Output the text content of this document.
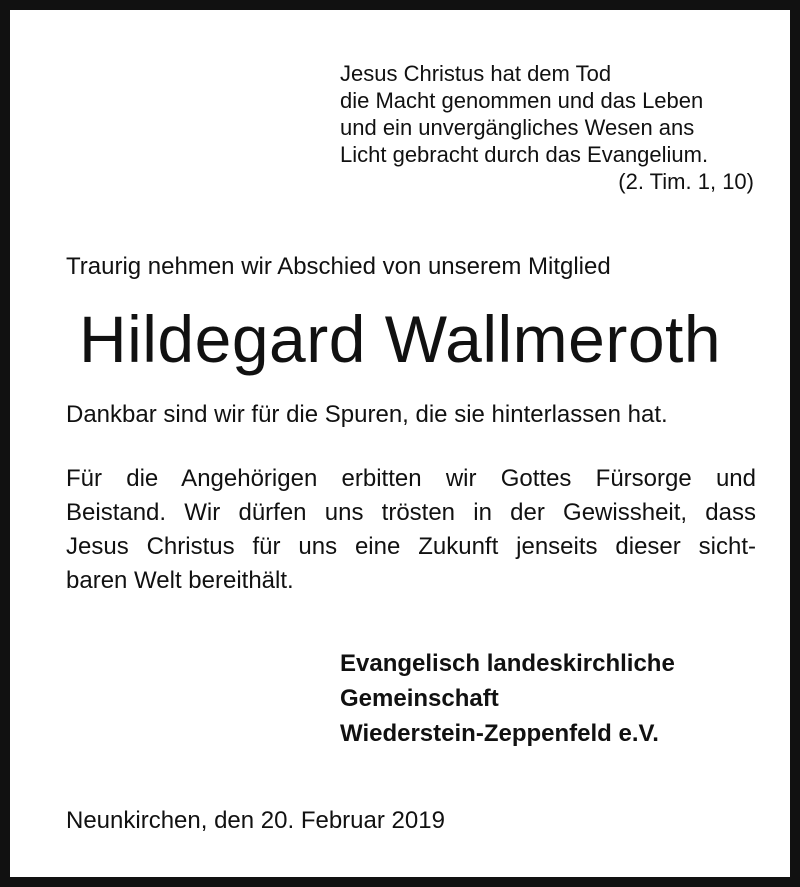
Jesus Christus hat dem Tod
die Macht genommen und das Leben
und ein unvergängliches Wesen ans
Licht gebracht durch das Evangelium.
(2. Tim. 1, 10)
Traurig nehmen wir Abschied von unserem Mitglied
Hildegard Wallmeroth
Dankbar sind wir für die Spuren, die sie hinterlassen hat.
Für die Angehörigen erbitten wir Gottes Fürsorge und
Beistand. Wir dürfen uns trösten in der Gewissheit, dass
Jesus Christus für uns eine Zukunft jenseits dieser sicht-
baren Welt bereithält.
Evangelisch landeskirchliche
Gemeinschaft
Wiederstein-Zeppenfeld e.V.
Neunkirchen, den 20. Februar 2019
